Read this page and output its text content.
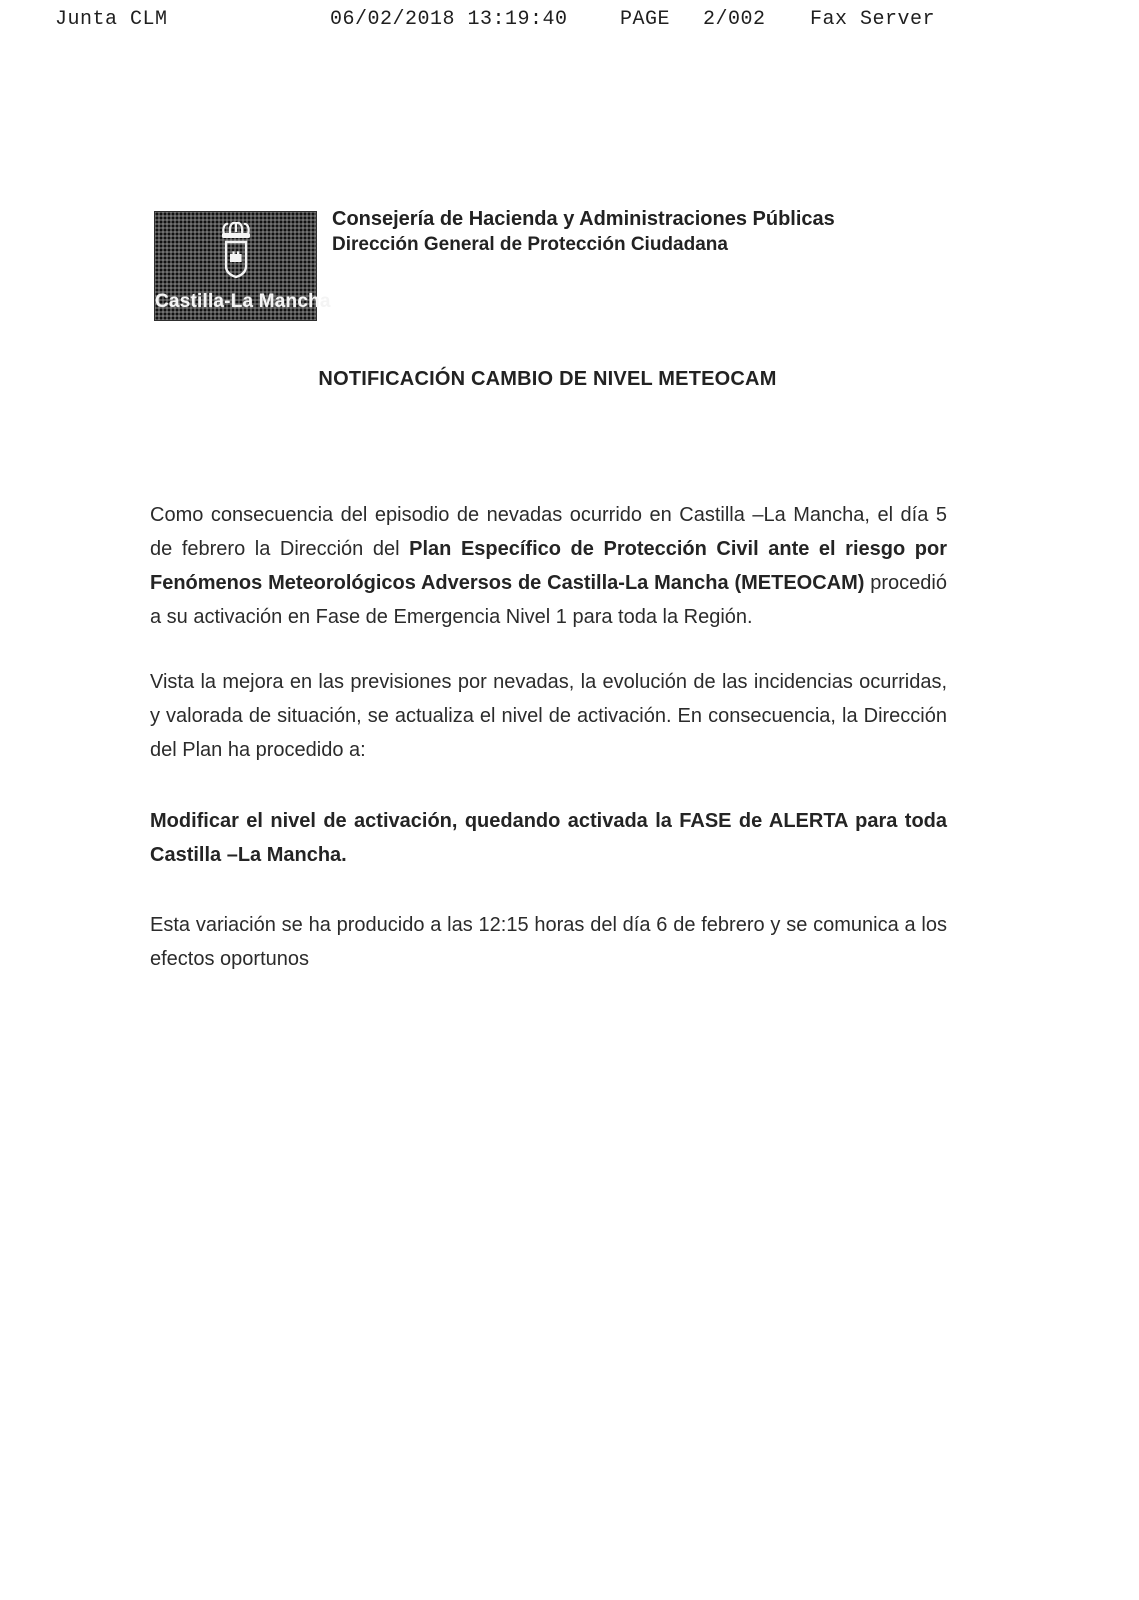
Junta CLM	06/02/2018 13:19:40	PAGE 2/002 Fax Server
Castilla-La Mancha
Consejería de Hacienda y Administraciones Públicas
Dirección General de Protección Ciudadana
NOTIFICACIÓN CAMBIO DE NIVEL METEOCAM

Como consecuencia del episodio de nevadas ocurrido en Castilla –La Mancha, el día 5 de febrero la Dirección del Plan Específico de Protección Civil ante el riesgo por Fenómenos Meteorológicos Adversos de Castilla-La Mancha (METEOCAM) procedió a su activación en Fase de Emergencia Nivel 1 para toda la Región.

Vista la mejora en las previsiones por nevadas, la evolución de las incidencias ocurridas, y valorada de situación, se actualiza el nivel de activación. En consecuencia, la Dirección del Plan ha procedido a:

Modificar el nivel de activación, quedando activada la FASE de ALERTA para toda Castilla –La Mancha.

Esta variación se ha producido a las 12:15 horas del día 6 de febrero y se comunica a los efectos oportunos
